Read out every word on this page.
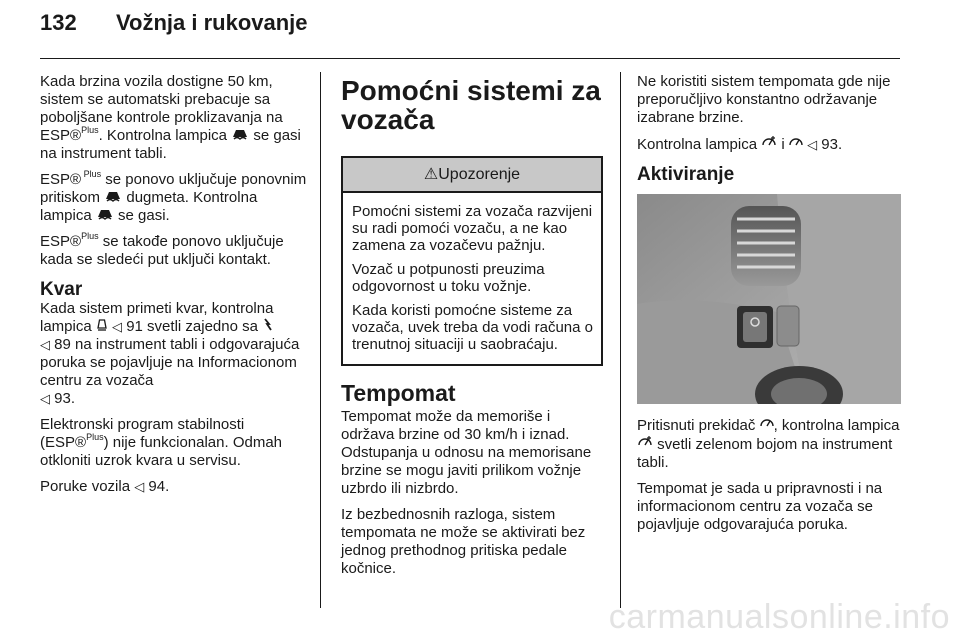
132 Vožnja i rukovanje

Kada brzina vozila dostigne 50 km, sistem se automatski prebacuje sa poboljšane kontrole proklizavanja na ESP®$^{Plus}$. Kontrolna lampica se gasi na instrument tabli.

ESP® $^{Plus}$ se ponovo uključuje ponovnim pritiskom dugmeta. Kontrolna lampica se gasi.

ESP®$^{Plus}$ se takođe ponovo uključuje kada se sledeći put uključi kontakt.

Kvar

Kada sistem primeti kvar, kontrolna lampica ◁ 91 svetli zajedno sa
◁ 89 na instrument tabli i odgovarajuća poruka se pojavljuje na Informacionom centru za vozača
◁ 93.

Elektronski program stabilnosti (ESP®$^{Plus}$) nije funkcionalan. Odmah otkloniti uzrok kvara u servisu.

Poruke vozila ◁ 94.

Pomoćni sistemi za vozača
⚠Upozorenje

Pomoćni sistemi za vozača razvijeni su radi pomoći vozaču, a ne kao zamena za vozačevu pažnju.

Vozač u potpunosti preuzima odgovornost u toku vožnje.

Kada koristi pomoćne sisteme za vozača, uvek treba da vodi računa o trenutnoj situaciji u saobraćaju.

Tempomat

Tempomat može da memoriše i održava brzine od 30 km/h i iznad. Odstupanja u odnosu na memorisane brzine se mogu javiti prilikom vožnje uzbrdo ili nizbrdo.

Iz bezbednosnih razloga, sistem tempomata ne može se aktivirati bez jednog prethodnog pritiska pedale kočnice.

Ne koristiti sistem tempomata gde nije preporučljivo konstantno održavanje izabrane brzine.

Kontrolna lampica i ◁ 93.

Aktiviranje

Pritisnuti prekidač , kontrolna lampica  svetli zelenom bojom na instrument tabli.

Tempomat je sada u pripravnosti i na informacionom centru za vozača se pojavljuje odgovarajuća poruka.

carmanualsonline.info
